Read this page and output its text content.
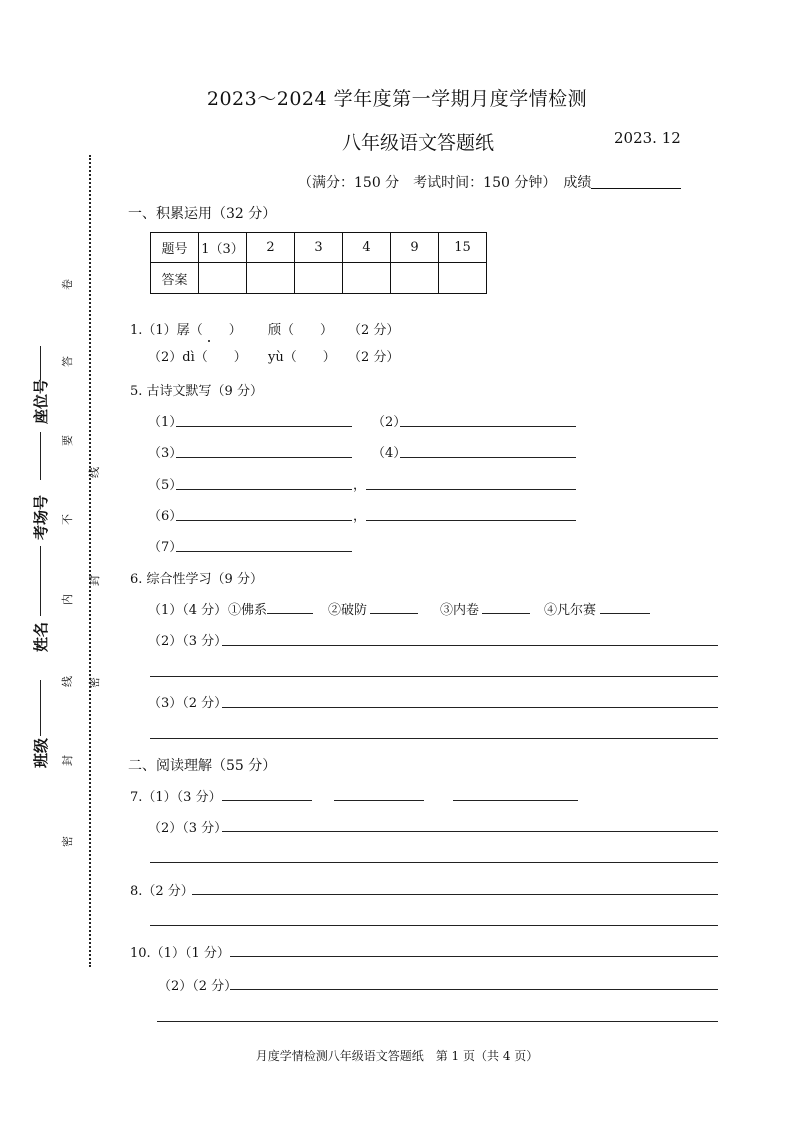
2023～2024 学年度第一学期月度学情检测
八年级语文答题纸	2023. 12
（满分：150 分　考试时间：150 分钟）　成绩
班级
姓名
考场号
座位号
卷
答
要
不
内
线
封
密
线
封
密
一、积累运用（32 分）
题号	1（3）	2	3	4	9	15
答案						
1.（1）孱（　　） 颀（　　） （2 分）
（2）dì（　　） yù（　　） （2 分）
5. 古诗文默写（9 分）
（1）	（2）
（3）	（4）
（5）	，
（6）	，
（7）
6. 综合性学习（9 分）
（1）（4 分） ①佛系	②破防	③内卷	④凡尔赛
（2）（3 分）
（3）（2 分）
二、阅读理解（55 分）
7.（1）（3 分）
（2）（3 分）
8.（2 分）
10.（1）（1 分）
（2）（2 分）
月度学情检测八年级语文答题纸　第 1 页（共 4 页）
